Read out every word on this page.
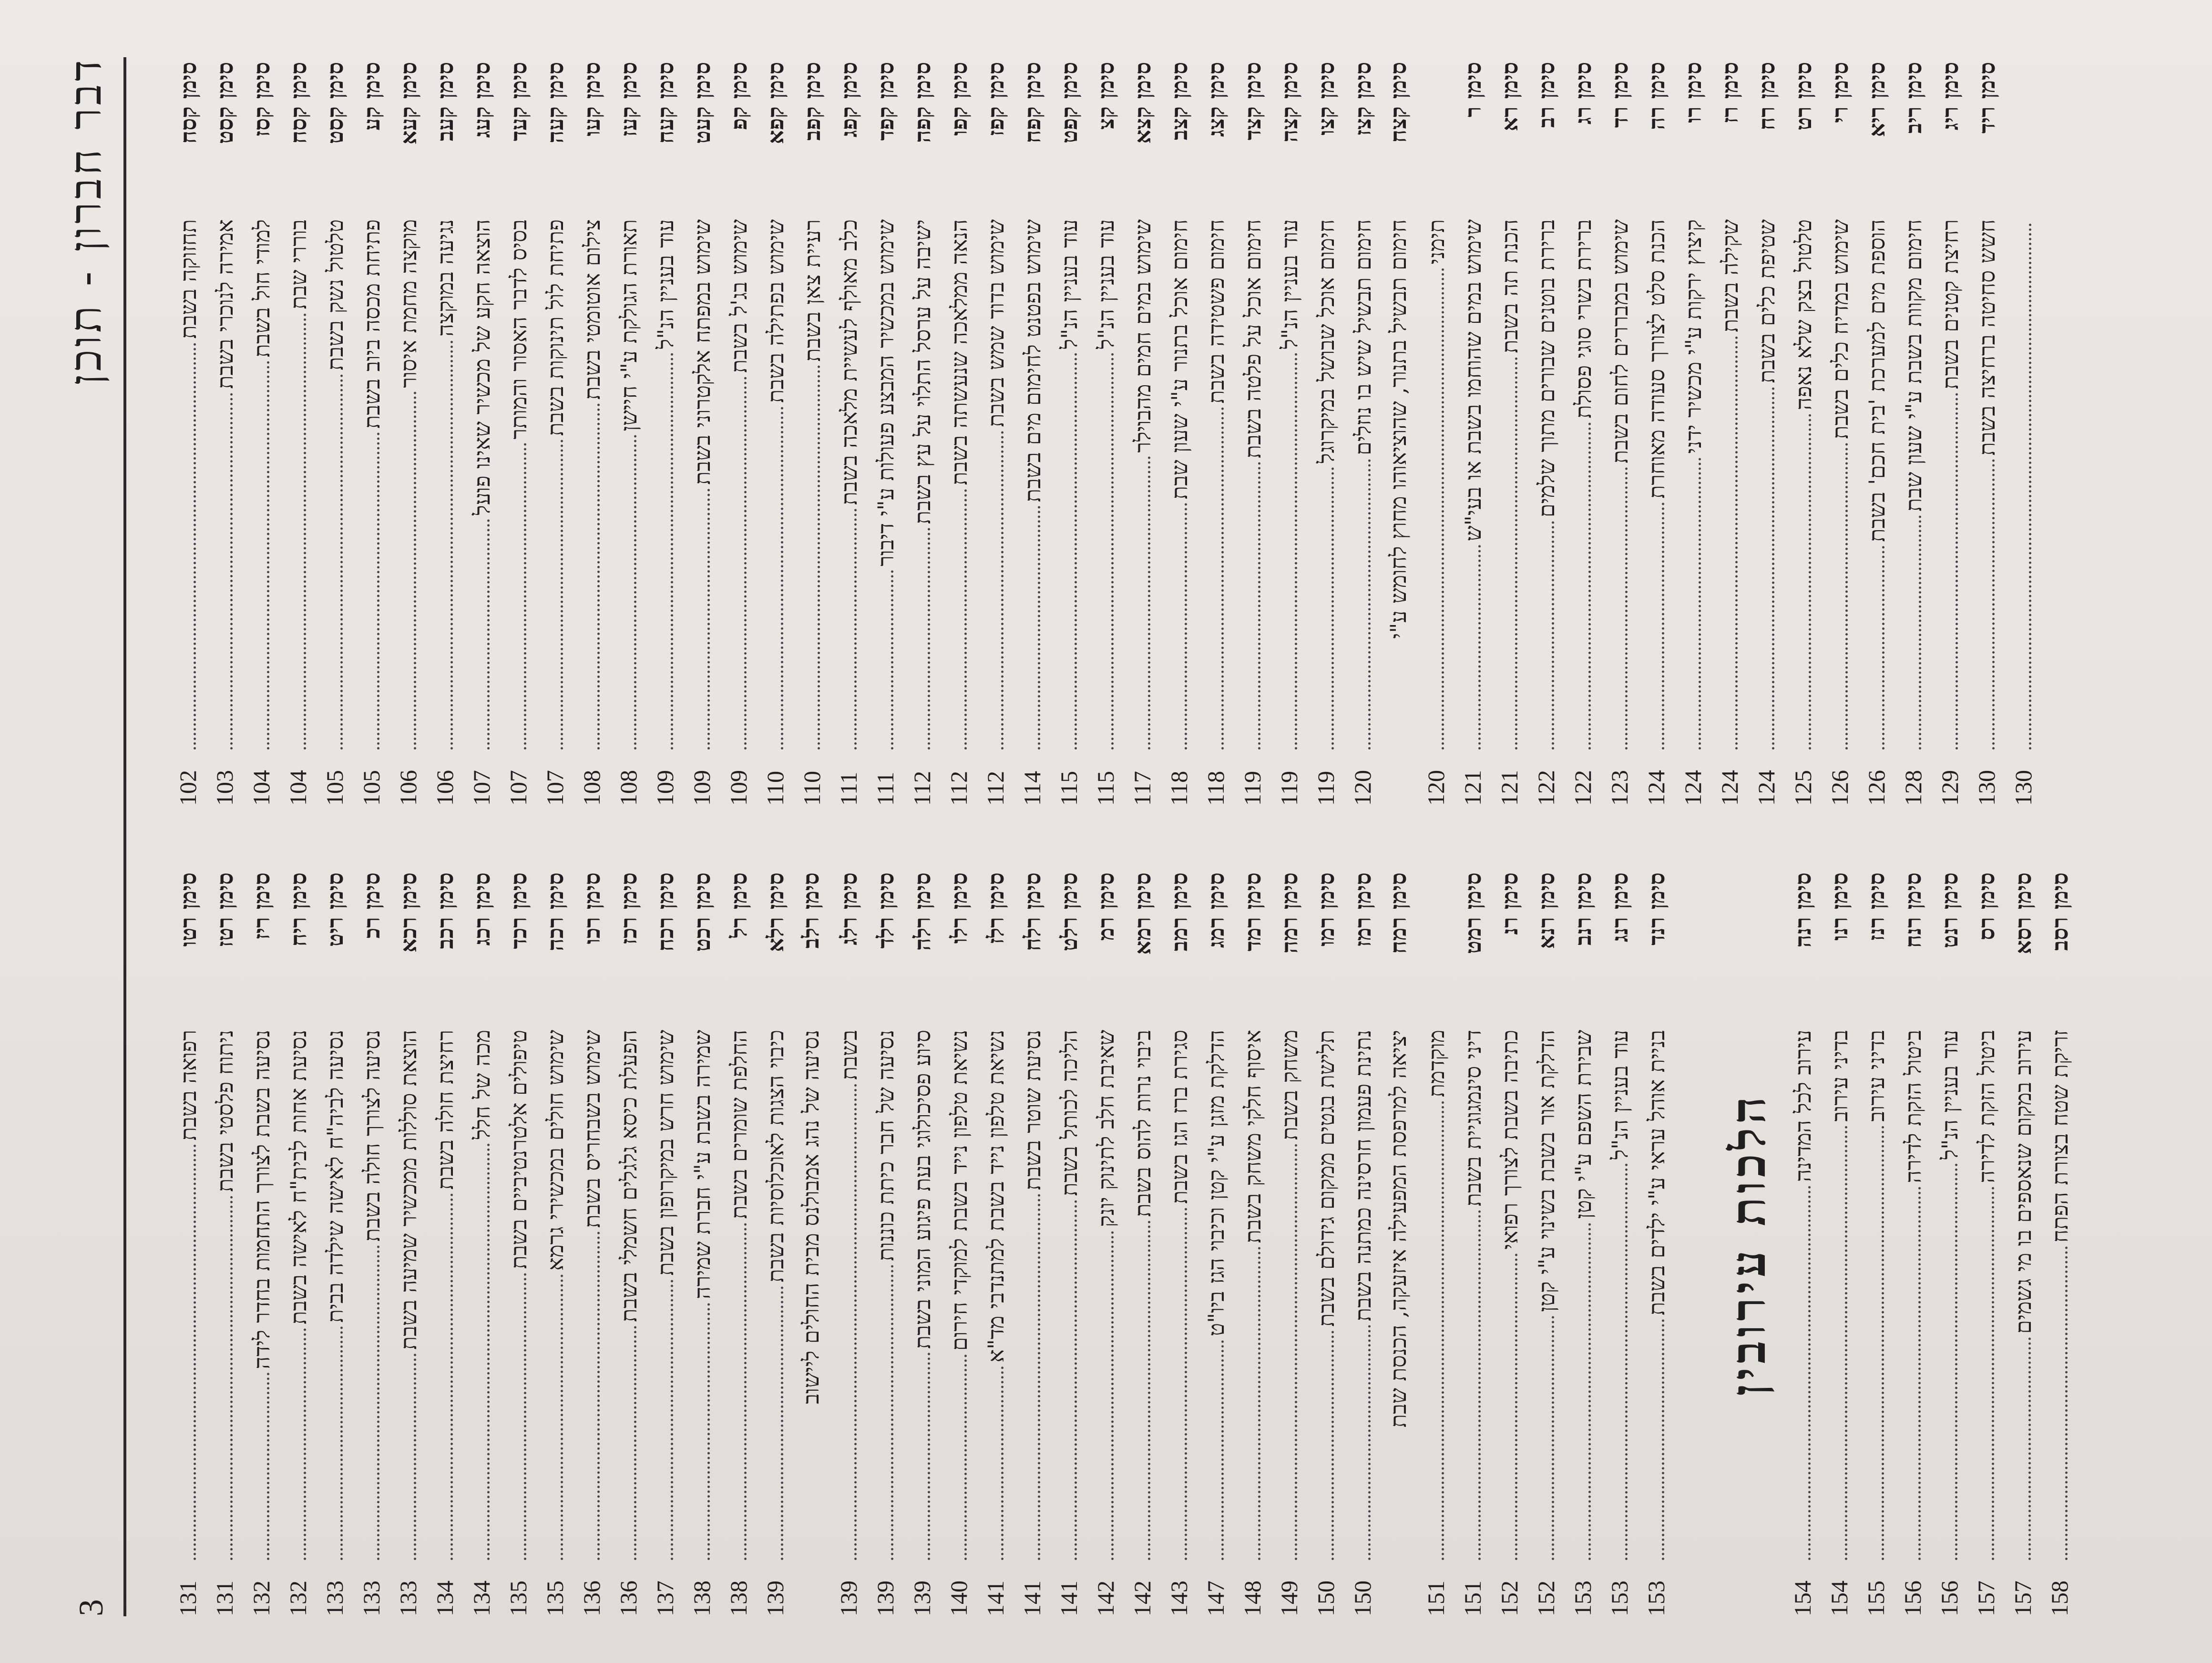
דבר חברון - תוכן
3
סימן קסח
תחזוקה בשבת
102
סימן קסט
אמירה לנוכרי בשבת
103
סימן קסז
למודי חול בשבת
104
סימן קסח
בוררי שבת
104
סימן קסט
טלטול נשק בשבת
105
סימן קע
פתיחת מכסה ביוב בשבת
105
סימן קעא
מוקצה מחמת איסור
106
סימן קעב
נגיעה במוקצה
106
סימן קעג
הוצאה חקע של מכשיר שאינו פועל
107
סימן קעד
בסיס לדבר האסור והמותר
107
סימן קעה
פתיחת לול תינוקות בשבת
107
סימן קעו
צילום אוטומטי בשבת
108
סימן קעז
תאורת הגולקת ע"י חיישן
108
סימן קעח
עוד בעניין הנ"ל
109
סימן קעט
שימוש במפתח אלקטרוני בשבת
109
סימן קפ
שימוש בג'ל בשבת
109
סימן קפא
שימוש בפתילה בשבת
110
סימן קפב
רעיית צאן בשבת
110
סימן קפג
כלב מאולף לעשיית מלאכה בשבת
111
סימן קפד
שימוש במכשיר המבצע פעולות ע"י דיבור
111
סימן קפה
ישיבה על ערסל התלוי על עץ בשבת
112
סימן קפו
הנאה ממלאכה שנעשתה בשבת
112
סימן קפז
שימוש בדוד שמש בשבת
112
סימן קפח
שימוש בפטנט לחימום מים בשבת
114
סימן קפט
עוד בעניין הנ"ל
115
סימן קצ
עוד בעניין הנ"ל
115
סימן קצא
שימוש במים חמים מהבוילר
117
סימן קצב
חימום אוכל בתנור ע"י שעון שבת
118
סימן קצג
חימום פשטידה בשבת
118
סימן קצד
חימום אוכל על פלטה בשבת
119
סימן קצה
עוד בעניין הנ"ל
119
סימן קצו
חימום אוכל שבושל במיקרוגל
119
סימן קצז
חימום תבשיל שיש בו נוזלים
120
סימן קצח
חימום תבשיל בתנור, שהוציאוהו מחוץ לחומש ע"י תימני
120
סימן ר
שימוש במים שהוחמו בשבת או בעי"ש
121
סימן רא
הכנת תה בשבת
121
סימן רב
ברירת בוטנים שבורים מתוך שלמים
122
סימן רג
ברירת בשרי סוגי פסולת
122
סימן רד
שימוש במבררים לחום בשבת
123
סימן רה
הכנת סלט לצורך סעודה מאוחרת
124
סימן רו
קיצוץ ירקות ע"י מכשיר ידני
124
סימן רז
שקילה בשבת
124
סימן רח
שטיפת כלים בשבת
124
סימן רט
טלטול בצק שלא נאפה
125
סימן רי
שימוש במדיח כלים בשבת
126
סימן ריא
הוספת מים למערכת 'בית חכם' בשבת
126
סימן ריב
חימום מקוות בשבת ע"י שעון שבת
128
סימן ריג
רחיצת קטנים בשבת
129
סימן ריד
חשש סחיטה ברחיצה בשבת
130 130
סימן רטו
רפואה בשבת
131
סימן רטז
ניתוח פלסטי בשבת
131
סימן ריז
נסיעה בשבת לצורך התחמות בחדר לידה
132
סימן ריח
נסיעת אחות לבית"ח לאישה בשבת
132
סימן ריט
נסיעה לביה"ח לאישה שילדה בבית
133
סימן רכ
נסיעה לצורך חולה בשבת
133
סימן רכא
הוצאת סוללות ממכשיר שמיעה בשבת
133
סימן רכב
רחיצת חולה בשבת
134
סימן רכג
מכה של חלל
134
סימן רכד
טיפולים אלטרנטיביים בשבת
135
סימן רכה
שימוש חולים במכשירי גרמא
135
סימן רכו
שימוש בשבחריס בשבת
136
סימן רכז
הפעלת כיסא גלגלים חשמלי בשבת
136
סימן רכח
שימוש חרש במיקרופון בשבת
137
סימן רכט
שמירה בשבת ע"י חברת שמירה
138
סימן רל
החלפת שומרים בשבת
138
סימן רלא
כיבוי הצגות לאוכלוסיות בשבת
139
סימן רלב
נסיעה של נהג אמבולנס מבית החולים ליישוב
סימן רלג
בשבת
139
סימן רלד
נסיעה של חבר כיתת כוננות
139
סימן רלה
סיוע פסיכולוגי בעת פיגוע המוני בשבת
139
סימן רלו
נשיאת טלפון נייד בשבת למוקדי חירום
140
סימן רלז
נשיאת טלפון נייד בשבת למתנדבי מד"א
141
סימן רלח
נסיעת שוטר בשבת
141
סימן רלט
הליכה לכותל בשבת
141
סימן רמ
שאיבת חלב לתינוק יונק
142
סימן רמא
ביבוי נרות להוס בשבת
142
סימן רמב
סגירת ברז הגז בשבת
143
סימן רמג
הדלקת מזגן ע"י קטן וכיבוי הגז ביו"ט
147
סימן רמד
איסוף חלקי משחק בשבת
148
סימן רמה
משחק בשבת
149
סימן רמו
תלישת בגטים ממקום גידולם בשבת
150
סימן רמז
נתינת פעמון חרסינה כמתנה בשבת
150
סימן רמח
יציאה למרפסת המפעילה איזעקה, הכנסת שבת מוקדמת
151
סימן רמט
דיני סינמגוגיית בשבת
151
סימן רנ
כתיבה בשבת לצורך רפואי
152
סימן רנא
הדלקת אור בשבת בשינוי ע"י קטן
152
סימן רנב
שבירת השפם ע"י קטן
153
סימן רנג
עוד בעניין הנ"ל
153
סימן רנד
בניית אוהל עראי ע"י ילדים בשבת
153
הלכות עירובין
סימן רנה
עירוב לכל המדינה
154
סימן רנו
בדיני עירוב
154
סימן רנז
בדיני עירוב
155
סימן רנח
ביטול הזקת לדירה
156
סימן רנט
עוד בעניין הנ"ל
156
סימן רס
ביטול הזקת לדירה
157
סימן רסא
עירוב במקום שנאספים בו מי גשמים
157
סימן רסב
זריקת שטח בצורת הפתח
158
